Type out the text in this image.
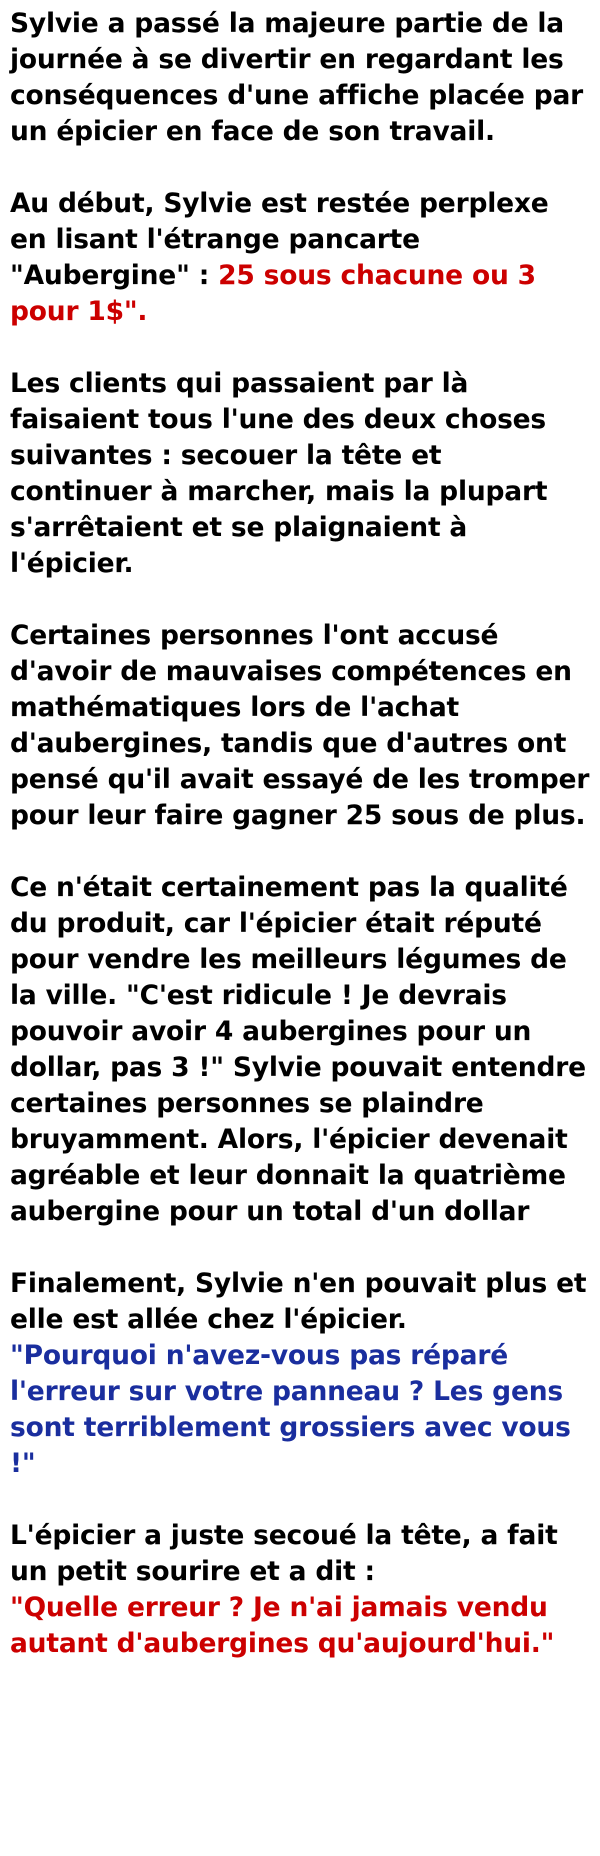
Sylvie a passé la majeure partie de la journée à se divertir en regardant les conséquences d'une affiche placée par un épicier en face de son travail.

Au début, Sylvie est restée perplexe en lisant l'étrange pancarte "Aubergine" : 25 sous chacune ou 3 pour 1$".

Les clients qui passaient par là faisaient tous l'une des deux choses suivantes : secouer la tête et continuer à marcher, mais la plupart s'arrêtaient et se plaignaient à l'épicier.

Certaines personnes l'ont accusé d'avoir de mauvaises compétences en mathématiques lors de l'achat d'aubergines, tandis que d'autres ont pensé qu'il avait essayé de les tromper pour leur faire gagner 25 sous de plus.

Ce n'était certainement pas la qualité du produit, car l'épicier était réputé pour vendre les meilleurs légumes de la ville. "C'est ridicule ! Je devrais pouvoir avoir 4 aubergines pour un dollar, pas 3 !" Sylvie pouvait entendre certaines personnes se plaindre bruyamment. Alors, l'épicier devenait agréable et leur donnait la quatrième aubergine pour un total d'un dollar

Finalement, Sylvie n'en pouvait plus et elle est allée chez l'épicier.
"Pourquoi n'avez-vous pas réparé l'erreur sur votre panneau ? Les gens sont terriblement grossiers avec vous !"

L'épicier a juste secoué la tête, a fait un petit sourire et a dit :
"Quelle erreur ? Je n'ai jamais vendu autant d'aubergines qu'aujourd'hui."
